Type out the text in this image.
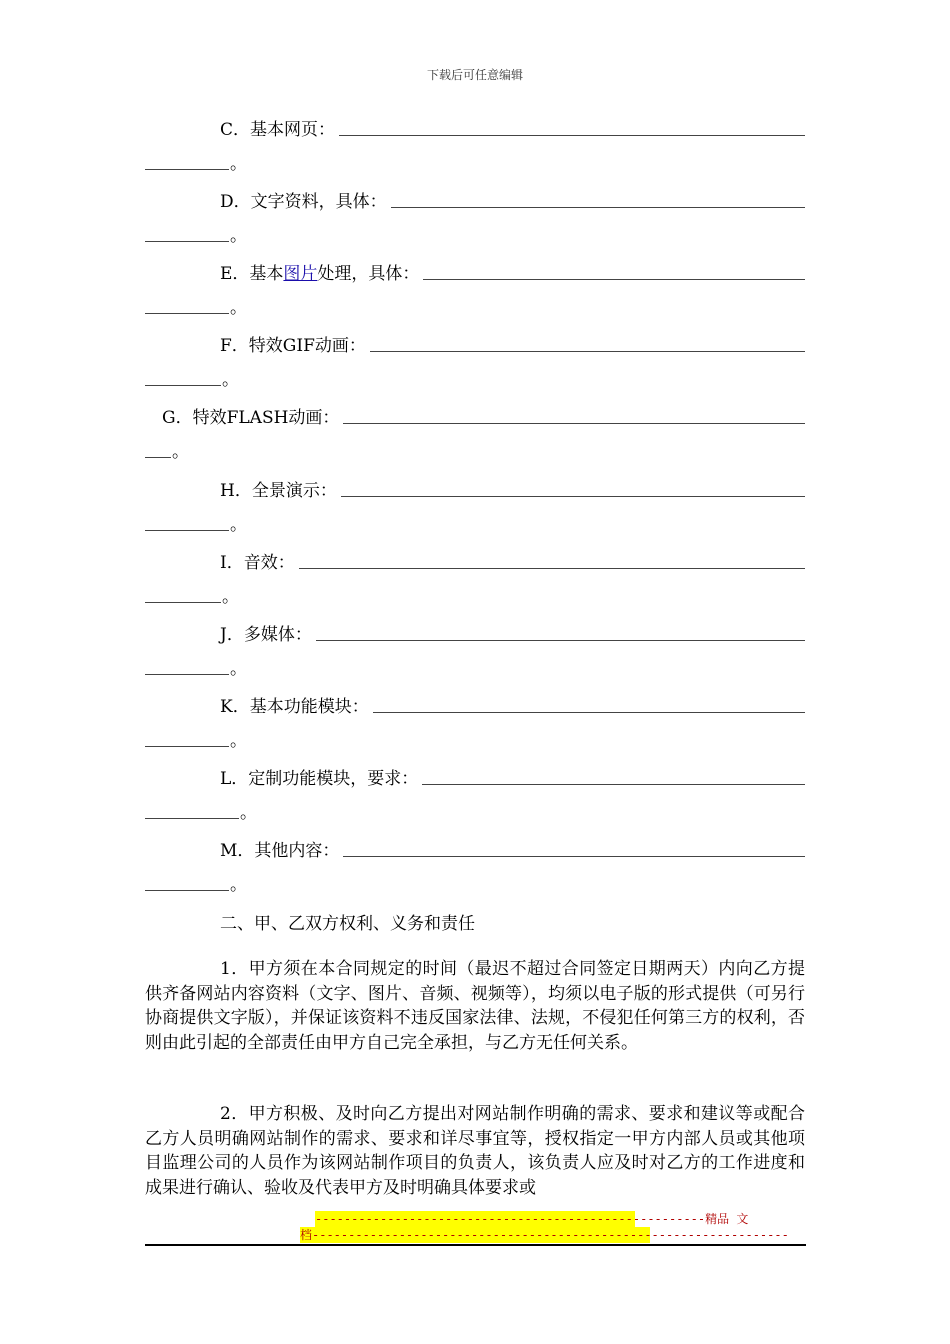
下载后可任意编辑
C．基本网页：
。
D．文字资料，具体：
。
E．基本图片处理，具体：
。
F．特效GIF动画：
。
G．特效FLASH动画：
。
H．全景演示：
。
I．音效：
。
J．多媒体：
。
K．基本功能模块：
。
L．定制功能模块，要求：
。
M．其他内容：
。
二、甲、乙双方权利、义务和责任
1．甲方须在本合同规定的时间（最迟不超过合同签定日期两天）内向乙方提供齐备网站内容资料（文字、图片、音频、视频等），均须以电子版的形式提供（可另行协商提供文字版），并保证该资料不违反国家法律、法规，不侵犯任何第三方的权利，否则由此引起的全部责任由甲方自己完全承担，与乙方无任何关系。
2．甲方积极、及时向乙方提出对网站制作明确的需求、要求和建议等或配合乙方人员明确网站制作的需求、要求和详尽事宜等，授权指定一甲方内部人员或其他项目监理公司的人员作为该网站制作项目的负责人，该负责人应及时对乙方的工作进度和成果进行确认、验收及代表甲方及时明确具体要求或
------------------------------------------------------精品 文
档------------------------------------------------------------------
